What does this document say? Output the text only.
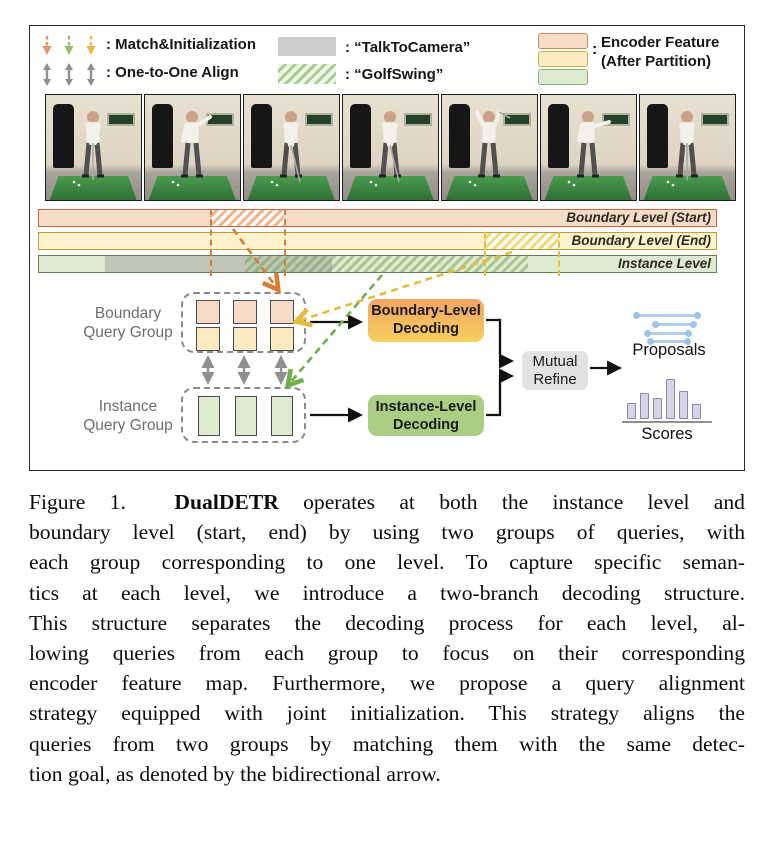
: Match&Initialization
: One-to-One Align
: “TalkToCamera”
: “GolfSwing”
: Encoder Feature
(After Partition)
Boundary Level (Start)
Boundary Level (End)
Instance Level
Boundary
Query Group
Instance
Query Group
Boundary-Level
Decoding
Instance-Level
Decoding
Mutual
Refine
Proposals
Scores
Figure 1. DualDETR operates at both the instance level and
boundary level (start, end) by using two groups of queries, with
each group corresponding to one level. To capture specific seman-
tics at each level, we introduce a two-branch decoding structure.
This structure separates the decoding process for each level, al-
lowing queries from each group to focus on their corresponding
encoder feature map. Furthermore, we propose a query alignment
strategy equipped with joint initialization. This strategy aligns the
queries from two groups by matching them with the same detec-
tion goal, as denoted by the bidirectional arrow.
